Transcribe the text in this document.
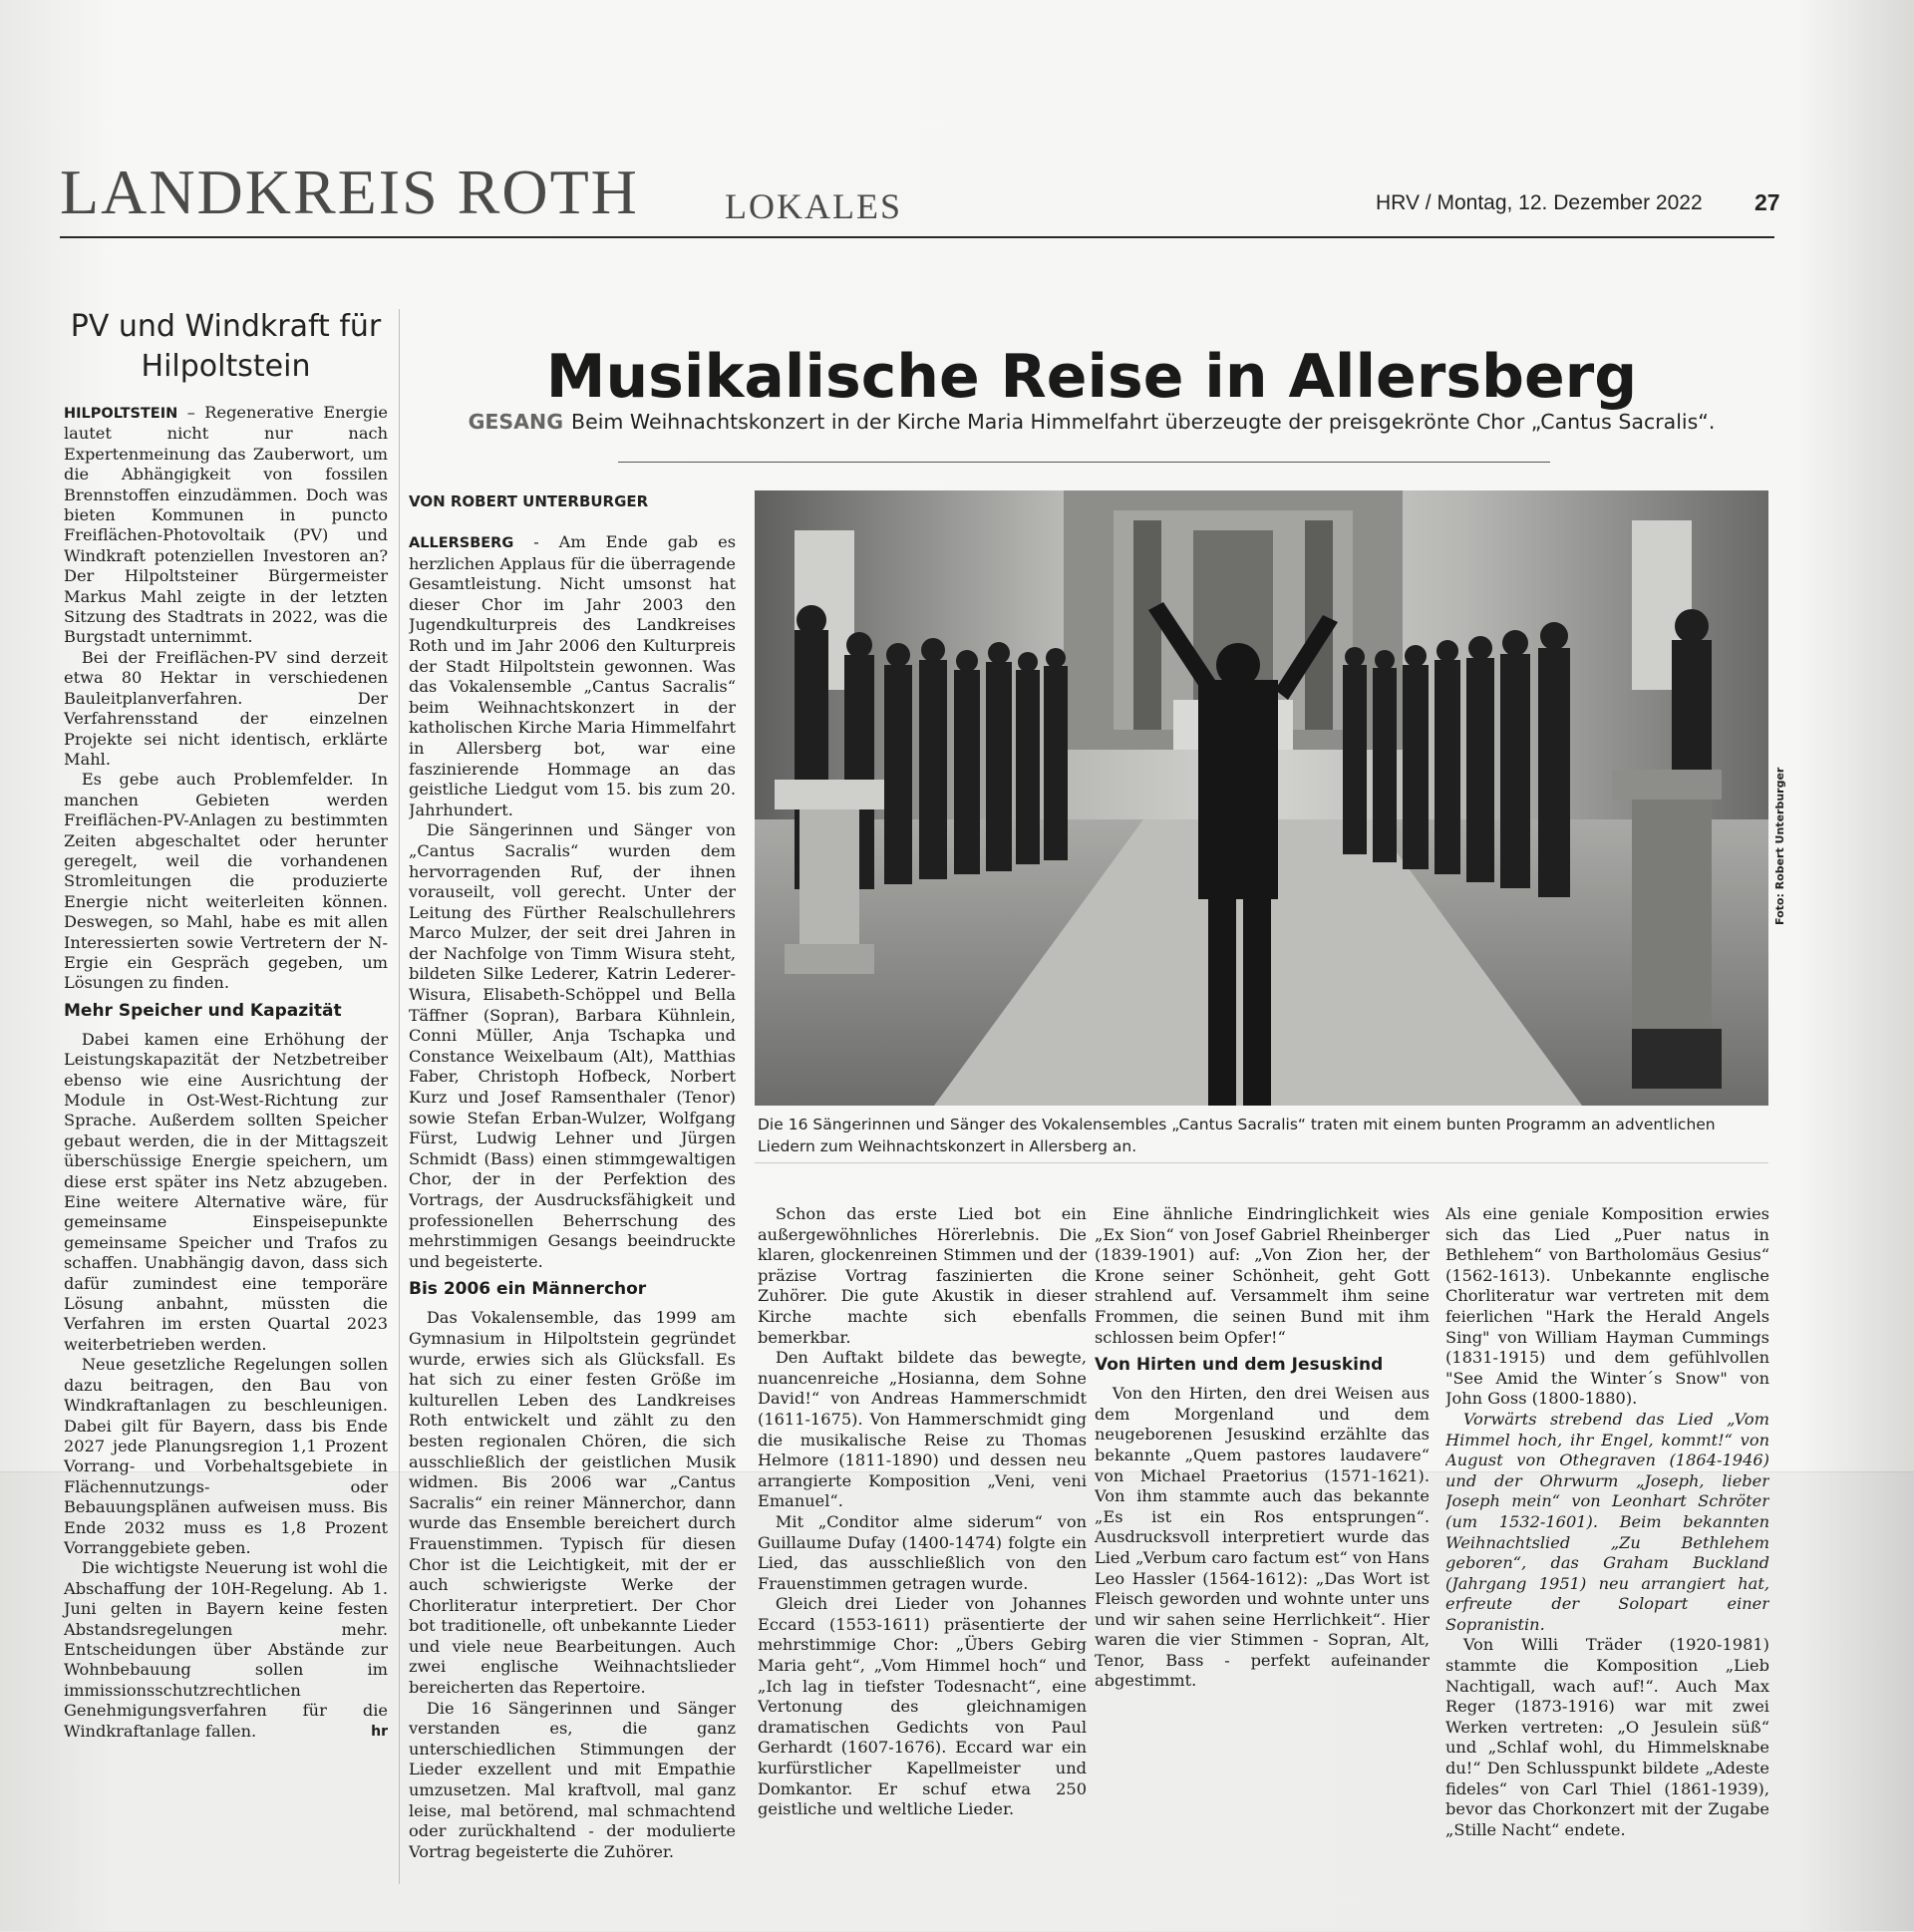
LANDKREIS ROTH LOKALES	HRV / Montag, 12. Dezember 2022 27
PV und Windkraft für Hilpoltstein

HILPOLTSTEIN – Regenerative Energie lautet nicht nur nach Expertenmeinung das Zauberwort, um die Abhängigkeit von fossilen Brennstoffen einzudämmen. Doch was bieten Kommunen in puncto Freiflächen-Photovoltaik (PV) und Windkraft potenziellen Investoren an? Der Hilpoltsteiner Bürgermeister Markus Mahl zeigte in der letzten Sitzung des Stadtrats in 2022, was die Burgstadt unternimmt.

Bei der Freiflächen-PV sind derzeit etwa 80 Hektar in verschiedenen Bauleitplanverfahren. Der Verfahrensstand der einzelnen Projekte sei nicht identisch, erklärte Mahl.

Es gebe auch Problemfelder. In manchen Gebieten werden Freiflächen-PV-Anlagen zu bestimmten Zeiten abgeschaltet oder herunter geregelt, weil die vorhandenen Stromleitungen die produzierte Energie nicht weiterleiten können. Deswegen, so Mahl, habe es mit allen Interessierten sowie Vertretern der N-Ergie ein Gespräch gegeben, um Lösungen zu finden.

Mehr Speicher und Kapazität

Dabei kamen eine Erhöhung der Leistungskapazität der Netzbetreiber ebenso wie eine Ausrichtung der Module in Ost-West-Richtung zur Sprache. Außerdem sollten Speicher gebaut werden, die in der Mittagszeit überschüssige Energie speichern, um diese erst später ins Netz abzugeben. Eine weitere Alternative wäre, für gemeinsame Einspeisepunkte gemeinsame Speicher und Trafos zu schaffen. Unabhängig davon, dass sich dafür zumindest eine temporäre Lösung anbahnt, müssten die Verfahren im ersten Quartal 2023 weiterbetrieben werden.

Neue gesetzliche Regelungen sollen dazu beitragen, den Bau von Windkraftanlagen zu beschleunigen. Dabei gilt für Bayern, dass bis Ende 2027 jede Planungsregion 1,1 Prozent Vorrang- und Vorbehaltsgebiete in Flächennutzungs- oder Bebauungsplänen aufweisen muss. Bis Ende 2032 muss es 1,8 Prozent Vorranggebiete geben.

Die wichtigste Neuerung ist wohl die Abschaffung der 10H-Regelung. Ab 1. Juni gelten in Bayern keine festen Abstandsregelungen mehr. Entscheidungen über Abstände zur Wohnbebauung sollen im immissionsschutzrechtlichen Genehmigungsverfahren für die Windkraftanlage fallen.	hr

Musikalische Reise in Allersberg
GESANG Beim Weihnachtskonzert in der Kirche Maria Himmelfahrt überzeugte der preisgekrönte Chor „Cantus Sacralis“.
VON ROBERT UNTERBURGER
Foto: Robert Unterburger
Die 16 Sängerinnen und Sänger des Vokalensembles „Cantus Sacralis“ traten mit einem bunten Programm an adventlichen Liedern zum Weihnachtskonzert in Allersberg an.

ALLERSBERG - Am Ende gab es herzlichen Applaus für die überragende Gesamtleistung. Nicht umsonst hat dieser Chor im Jahr 2003 den Jugendkulturpreis des Landkreises Roth und im Jahr 2006 den Kulturpreis der Stadt Hilpoltstein gewonnen. Was das Vokalensemble „Cantus Sacralis“ beim Weihnachtskonzert in der katholischen Kirche Maria Himmelfahrt in Allersberg bot, war eine faszinierende Hommage an das geistliche Liedgut vom 15. bis zum 20. Jahrhundert.

Die Sängerinnen und Sänger von „Cantus Sacralis“ wurden dem hervorragenden Ruf, der ihnen vorauseilt, voll gerecht. Unter der Leitung des Fürther Realschullehrers Marco Mulzer, der seit drei Jahren in der Nachfolge von Timm Wisura steht, bildeten Silke Lederer, Katrin Lederer-Wisura, Elisabeth-Schöppel und Bella Täffner (Sopran), Barbara Kühnlein, Conni Müller, Anja Tschapka und Constance Weixelbaum (Alt), Matthias Faber, Christoph Hofbeck, Norbert Kurz und Josef Ramsenthaler (Tenor) sowie Stefan Erban-Wulzer, Wolfgang Fürst, Ludwig Lehner und Jürgen Schmidt (Bass) einen stimmgewaltigen Chor, der in der Perfektion des Vortrags, der Ausdrucksfähigkeit und professionellen Beherrschung des mehrstimmigen Gesangs beeindruckte und begeisterte.

Bis 2006 ein Männerchor

Das Vokalensemble, das 1999 am Gymnasium in Hilpoltstein gegründet wurde, erwies sich als Glücksfall. Es hat sich zu einer festen Größe im kulturellen Leben des Landkreises Roth entwickelt und zählt zu den besten regionalen Chören, die sich ausschließlich der geistlichen Musik widmen. Bis 2006 war „Cantus Sacralis“ ein reiner Männerchor, dann wurde das Ensemble bereichert durch Frauenstimmen. Typisch für diesen Chor ist die Leichtigkeit, mit der er auch schwierigste Werke der Chorliteratur interpretiert. Der Chor bot traditionelle, oft unbekannte Lieder und viele neue Bearbeitungen. Auch zwei englische Weihnachtslieder bereicherten das Repertoire.

Die 16 Sängerinnen und Sänger verstanden es, die ganz unterschiedlichen Stimmungen der Lieder exzellent und mit Empathie umzusetzen. Mal kraftvoll, mal ganz leise, mal betörend, mal schmachtend oder zurückhaltend - der modulierte Vortrag begeisterte die Zuhörer.

Schon das erste Lied bot ein außergewöhnliches Hörerlebnis. Die klaren, glockenreinen Stimmen und der präzise Vortrag faszinierten die Zuhörer. Die gute Akustik in dieser Kirche machte sich ebenfalls bemerkbar.

Den Auftakt bildete das bewegte, nuancenreiche „Hosianna, dem Sohne David!“ von Andreas Hammerschmidt (1611-1675). Von Hammerschmidt ging die musikalische Reise zu Thomas Helmore (1811-1890) und dessen neu arrangierte Komposition „Veni, veni Emanuel“.

Mit „Conditor alme siderum“ von Guillaume Dufay (1400-1474) folgte ein Lied, das ausschließlich von den Frauenstimmen getragen wurde.

Gleich drei Lieder von Johannes Eccard (1553-1611) präsentierte der mehrstimmige Chor: „Übers Gebirg Maria geht“, „Vom Himmel hoch“ und „Ich lag in tiefster Todesnacht“, eine Vertonung des gleichnamigen dramatischen Gedichts von Paul Gerhardt (1607-1676). Eccard war ein kurfürstlicher Kapellmeister und Domkantor. Er schuf etwa 250 geistliche und weltliche Lieder.

Eine ähnliche Eindringlichkeit wies „Ex Sion“ von Josef Gabriel Rheinberger (1839-1901) auf: „Von Zion her, der Krone seiner Schönheit, geht Gott strahlend auf. Versammelt ihm seine Frommen, die seinen Bund mit ihm schlossen beim Opfer!“

Von Hirten und dem Jesuskind

Von den Hirten, den drei Weisen aus dem Morgenland und dem neugeborenen Jesuskind erzählte das bekannte „Quem pastores laudavere“ von Michael Praetorius (1571-1621). Von ihm stammte auch das bekannte „Es ist ein Ros entsprungen“. Ausdrucksvoll interpretiert wurde das Lied „Verbum caro factum est“ von Hans Leo Hassler (1564-1612): „Das Wort ist Fleisch geworden und wohnte unter uns und wir sahen seine Herrlichkeit“. Hier waren die vier Stimmen - Sopran, Alt, Tenor, Bass - perfekt aufeinander abgestimmt.

Als eine geniale Komposition erwies sich das Lied „Puer natus in Bethlehem“ von Bartholomäus Gesius“ (1562-1613). Unbekannte englische Chorliteratur war vertreten mit dem feierlichen "Hark the Herald Angels Sing" von William Hayman Cummings (1831-1915) und dem gefühlvollen "See Amid the Winter´s Snow" von John Goss (1800-1880).

Vorwärts strebend das Lied „Vom Himmel hoch, ihr Engel, kommt!“ von August von Othegraven (1864-1946) und der Ohrwurm „Joseph, lieber Joseph mein“ von Leonhart Schröter (um 1532-1601). Beim bekannten Weihnachtslied „Zu Bethlehem geboren“, das Graham Buckland (Jahrgang 1951) neu arrangiert hat, erfreute der Solopart einer Sopranistin.

Von Willi Träder (1920-1981) stammte die Komposition „Lieb Nachtigall, wach auf!“. Auch Max Reger (1873-1916) war mit zwei Werken vertreten: „O Jesulein süß“ und „Schlaf wohl, du Himmelsknabe du!“ Den Schlusspunkt bildete „Adeste fideles“ von Carl Thiel (1861-1939), bevor das Chorkonzert mit der Zugabe „Stille Nacht“ endete.
